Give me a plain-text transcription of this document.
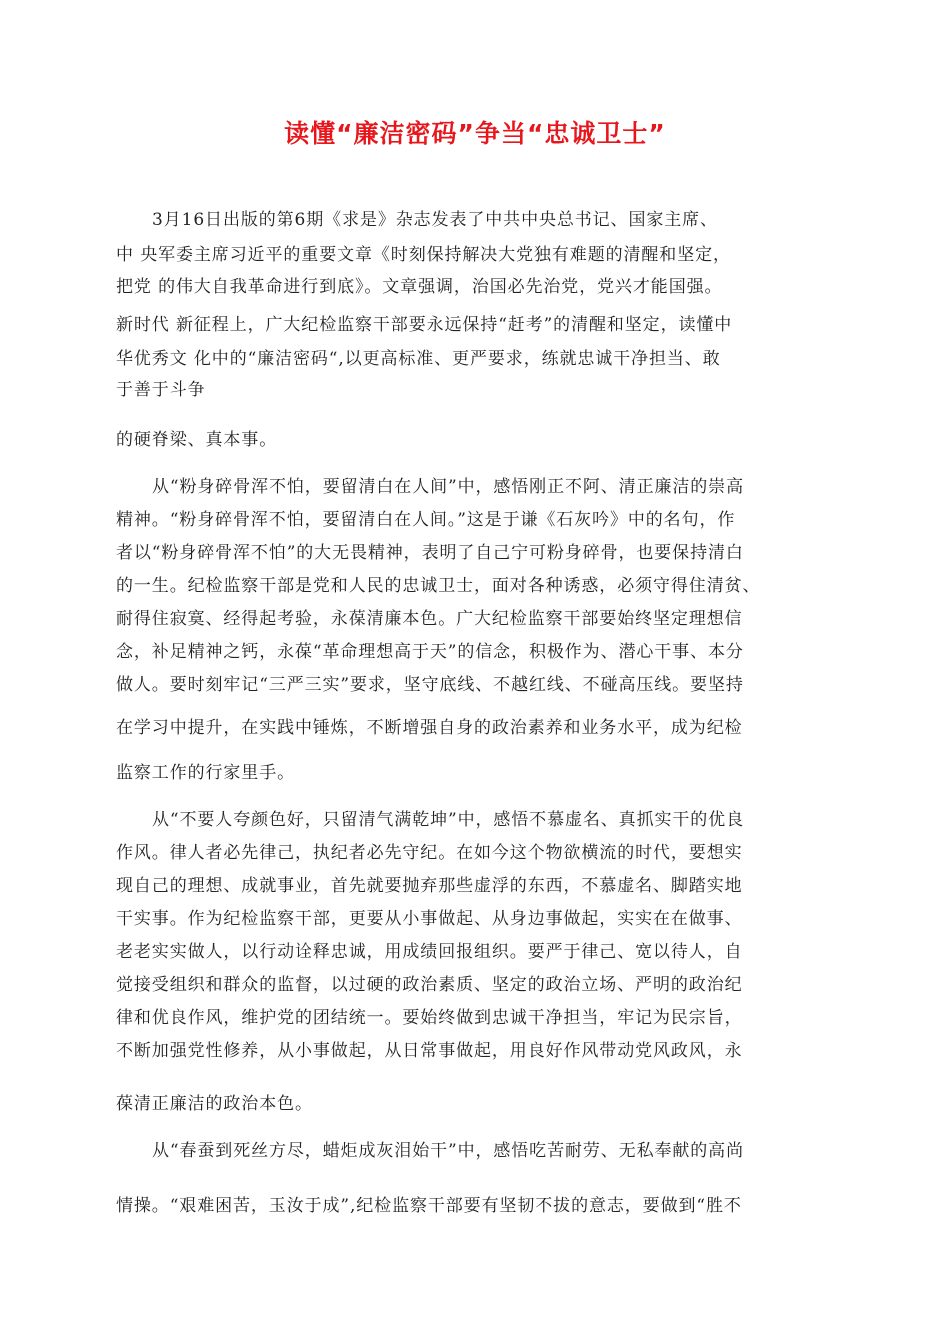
读懂“廉洁密码”争当“忠诚卫士”
3月16日出版的第6期《求是》杂志发表了中共中央总书记、国家主席、
中 央军委主席习近平的重要文章《时刻保持解决大党独有难题的清醒和坚定，
把党 的伟大自我革命进行到底》。文章强调，治国必先治党，党兴才能国强。
新时代 新征程上，广大纪检监察干部要永远保持“赶考”的清醒和坚定，读懂中
华优秀文 化中的“廉洁密码“,以更高标准、更严要求，练就忠诚干净担当、敢
于善于斗争
的硬脊梁、真本事。
从“粉身碎骨浑不怕，要留清白在人间”中，感悟刚正不阿、清正廉洁的崇高
精神。“粉身碎骨浑不怕，要留清白在人间。”这是于谦《石灰吟》中的名句，作
者以“粉身碎骨浑不怕”的大无畏精神，表明了自己宁可粉身碎骨，也要保持清白
的一生。纪检监察干部是党和人民的忠诚卫士，面对各种诱惑，必须守得住清贫、
耐得住寂寞、经得起考验，永葆清廉本色。广大纪检监察干部要始终坚定理想信
念，补足精神之钙，永葆“革命理想高于天”的信念，积极作为、潜心干事、本分
做人。要时刻牢记“三严三实”要求，坚守底线、不越红线、不碰高压线。要坚持
在学习中提升，在实践中锤炼，不断增强自身的政治素养和业务水平，成为纪检
监察工作的行家里手。
从“不要人夸颜色好，只留清气满乾坤”中，感悟不慕虚名、真抓实干的优良
作风。律人者必先律己，执纪者必先守纪。在如今这个物欲横流的时代，要想实
现自己的理想、成就事业，首先就要抛弃那些虚浮的东西，不慕虚名、脚踏实地
干实事。作为纪检监察干部，更要从小事做起、从身边事做起，实实在在做事、
老老实实做人，以行动诠释忠诚，用成绩回报组织。要严于律己、宽以待人，自
觉接受组织和群众的监督，以过硬的政治素质、坚定的政治立场、严明的政治纪
律和优良作风，维护党的团结统一。要始终做到忠诚干净担当，牢记为民宗旨，
不断加强党性修养，从小事做起，从日常事做起，用良好作风带动党风政风，永
葆清正廉洁的政治本色。
从“春蚕到死丝方尽，蜡炬成灰泪始干”中，感悟吃苦耐劳、无私奉献的高尚
情操。“艰难困苦，玉汝于成”,纪检监察干部要有坚韧不拔的意志，要做到“胜不
